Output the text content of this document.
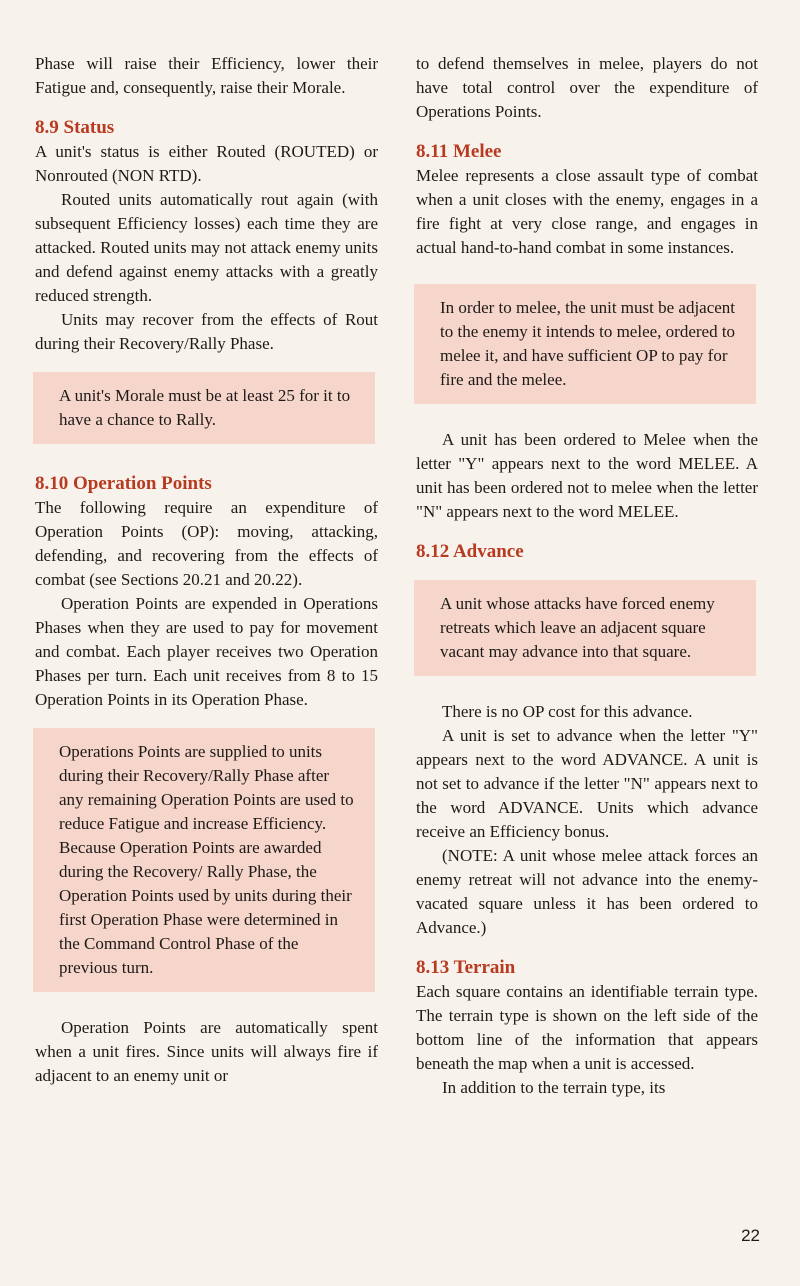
Phase will raise their Efficiency, lower their Fatigue and, consequently, raise their Morale.

8.9 Status

A unit's status is either Routed (ROUTED) or Nonrouted (NON RTD).

Routed units automatically rout again (with subsequent Efficiency losses) each time they are attacked. Routed units may not attack enemy units and defend against enemy attacks with a greatly reduced strength.

Units may recover from the effects of Rout during their Recovery/Rally Phase.

A unit's Morale must be at least 25 for it to have a chance to Rally.

8.10 Operation Points

The following require an expenditure of Operation Points (OP): moving, attacking, defending, and recovering from the effects of combat (see Sections 20.21 and 20.22).

Operation Points are expended in Operations Phases when they are used to pay for movement and combat. Each player receives two Operation Phases per turn. Each unit receives from 8 to 15 Operation Points in its Operation Phase.

Operations Points are supplied to units during their Recovery/Rally Phase after any remaining Operation Points are used to reduce Fatigue and increase Efficiency. Because Operation Points are awarded during the Recovery/ Rally Phase, the Operation Points used by units during their first Operation Phase were determined in the Command Control Phase of the previous turn.

Operation Points are automatically spent when a unit fires. Since units will always fire if adjacent to an enemy unit or

to defend themselves in melee, players do not have total control over the expenditure of Operations Points.

8.11 Melee

Melee represents a close assault type of combat when a unit closes with the enemy, engages in a fire fight at very close range, and engages in actual hand-to-hand combat in some instances.

In order to melee, the unit must be adjacent to the enemy it intends to melee, ordered to melee it, and have sufficient OP to pay for fire and the melee.

A unit has been ordered to Melee when the letter "Y" appears next to the word MELEE. A unit has been ordered not to melee when the letter "N" appears next to the word MELEE.

8.12 Advance

A unit whose attacks have forced enemy retreats which leave an adjacent square vacant may advance into that square.

There is no OP cost for this advance.

A unit is set to advance when the letter "Y" appears next to the word ADVANCE. A unit is not set to advance if the letter "N" appears next to the word ADVANCE. Units which advance receive an Efficiency bonus.

(NOTE: A unit whose melee attack forces an enemy retreat will not advance into the enemy-vacated square unless it has been ordered to Advance.)

8.13 Terrain

Each square contains an identifiable terrain type. The terrain type is shown on the left side of the bottom line of the information that appears beneath the map when a unit is accessed.

In addition to the terrain type, its

22
